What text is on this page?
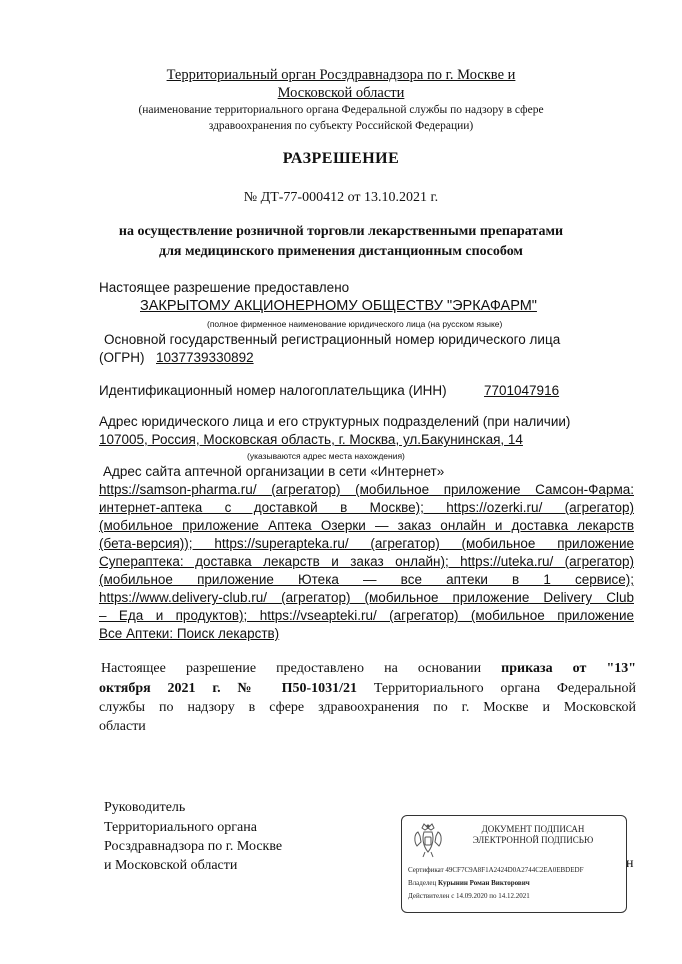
Территориальный орган Росздравнадзора по г. Москве и
Московской области
(наименование территориального органа Федеральной службы по надзору в сфере
здравоохранения по субъекту Российской Федерации)
РАЗРЕШЕНИЕ
№ ДТ-77-000412 от 13.10.2021 г.
на осуществление розничной торговли лекарственными препаратами
для медицинского применения дистанционным способом
Настоящее разрешение предоставлено
ЗАКРЫТОМУ АКЦИОНЕРНОМУ ОБЩЕСТВУ "ЭРКАФАРМ"
(полное фирменное наименование юридического лица (на русском языке)
Основной государственный регистрационный номер юридического лица
(ОГРН) 1037739330892
Идентификационный номер налогоплательщика (ИНН)	7701047916
Адрес юридического лица и его структурных подразделений (при наличии)
107005, Россия, Московская область, г. Москва, ул.Бакунинская, 14
(указываются адрес места нахождения)
Адрес сайта аптечной организации в сети «Интернет»
https://samson-pharma.ru/ (агрегатор) (мобильное приложение Самсон-Фарма:
интернет-аптека с доставкой в Москве); https://ozerki.ru/ (агрегатор)
(мобильное приложение Аптека Озерки — заказ онлайн и доставка лекарств
(бета-версия)); https://superapteka.ru/ (агрегатор) (мобильное приложение
Суперaптека: доставка лекарств и заказ онлайн); https://uteka.ru/ (агрегатор)
(мобильное приложение Ютека — все аптеки в 1 сервисе);
https://www.delivery-club.ru/ (агрегатор) (мобильное приложение Delivery Club
– Еда и продуктов); https://vseapteki.ru/ (агрегатор) (мобильное приложение
Все Аптеки: Поиск лекарств)
Настоящее разрешение предоставлено на основании приказа от "13"
октября 2021 г. № П50-1031/21 Территориального органа Федеральной
службы по надзору в сфере здравоохранения по г. Москве и Московской
области
Руководитель
Территориального органа
Росздравнадзора по г. Москве
и Московской области
ДОКУМЕНТ ПОДПИСАН
ЭЛЕКТРОННОЙ ПОДПИСЬЮ
Сертификат 49CF7C9A8F1A2424D0A2744C2EA0EBDEDF
Владелец Курынин Роман Викторович
Действителен с 14.09.2020 по 14.12.2021
н
